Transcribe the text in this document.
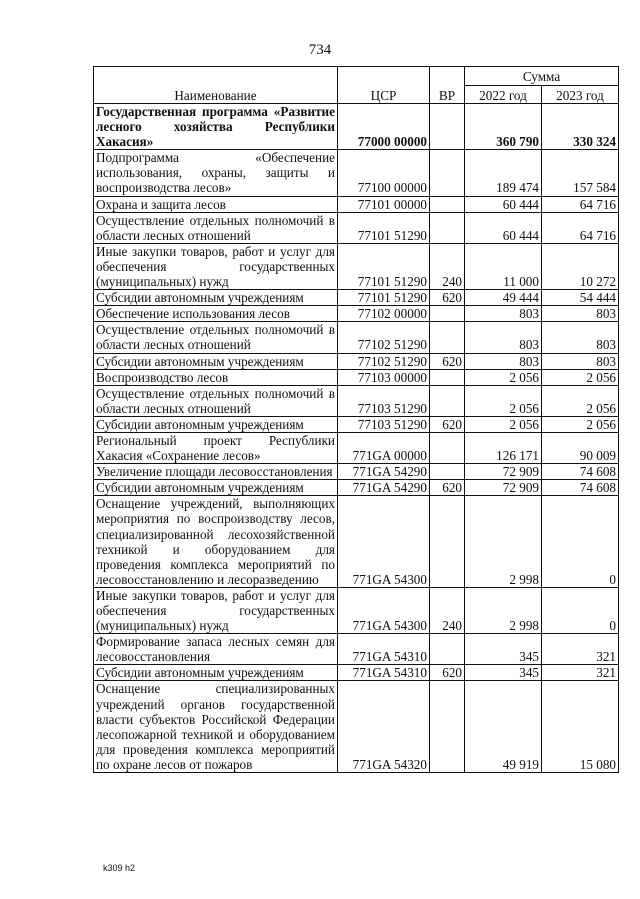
734
Наименование	ЦСР	ВР	Сумма	
			2022 год	2023 год
Государственная программа «Развитие лесного хозяйства Республики Хакасия»	77000 00000		360 790	330 324
Подпрограмма «Обеспечение использования, охраны, защиты и воспроизводства лесов»	77100 00000		189 474	157 584
Охрана и защита лесов	77101 00000		60 444	64 716
Осуществление отдельных полномочий в области лесных отношений	77101 51290		60 444	64 716
Иные закупки товаров, работ и услуг для обеспечения государственных (муниципальных) нужд	77101 51290	240	11 000	10 272
Субсидии автономным учреждениям	77101 51290	620	49 444	54 444
Обеспечение использования лесов	77102 00000		803	803
Осуществление отдельных полномочий в области лесных отношений	77102 51290		803	803
Субсидии автономным учреждениям	77102 51290	620	803	803
Воспроизводство лесов	77103 00000		2 056	2 056
Осуществление отдельных полномочий в области лесных отношений	77103 51290		2 056	2 056
Субсидии автономным учреждениям	77103 51290	620	2 056	2 056
Региональный проект Республики Хакасия «Сохранение лесов»	771GA 00000		126 171	90 009
Увеличение площади лесовосстановления	771GA 54290		72 909	74 608
Субсидии автономным учреждениям	771GA 54290	620	72 909	74 608
Оснащение учреждений, выполняющих мероприятия по воспроизводству лесов, специализированной лесохозяйственной техникой и оборудованием для проведения комплекса мероприятий по лесовосстановлению и лесоразведению	771GA 54300		2 998	0
Иные закупки товаров, работ и услуг для обеспечения государственных (муниципальных) нужд	771GA 54300	240	2 998	0
Формирование запаса лесных семян для лесовосстановления	771GA 54310		345	321
Субсидии автономным учреждениям	771GA 54310	620	345	321
Оснащение специализированных учреждений органов государственной власти субъектов Российской Федерации лесопожарной техникой и оборудованием для проведения комплекса мероприятий по охране лесов от пожаров	771GA 54320		49 919	15 080
k309 h2
